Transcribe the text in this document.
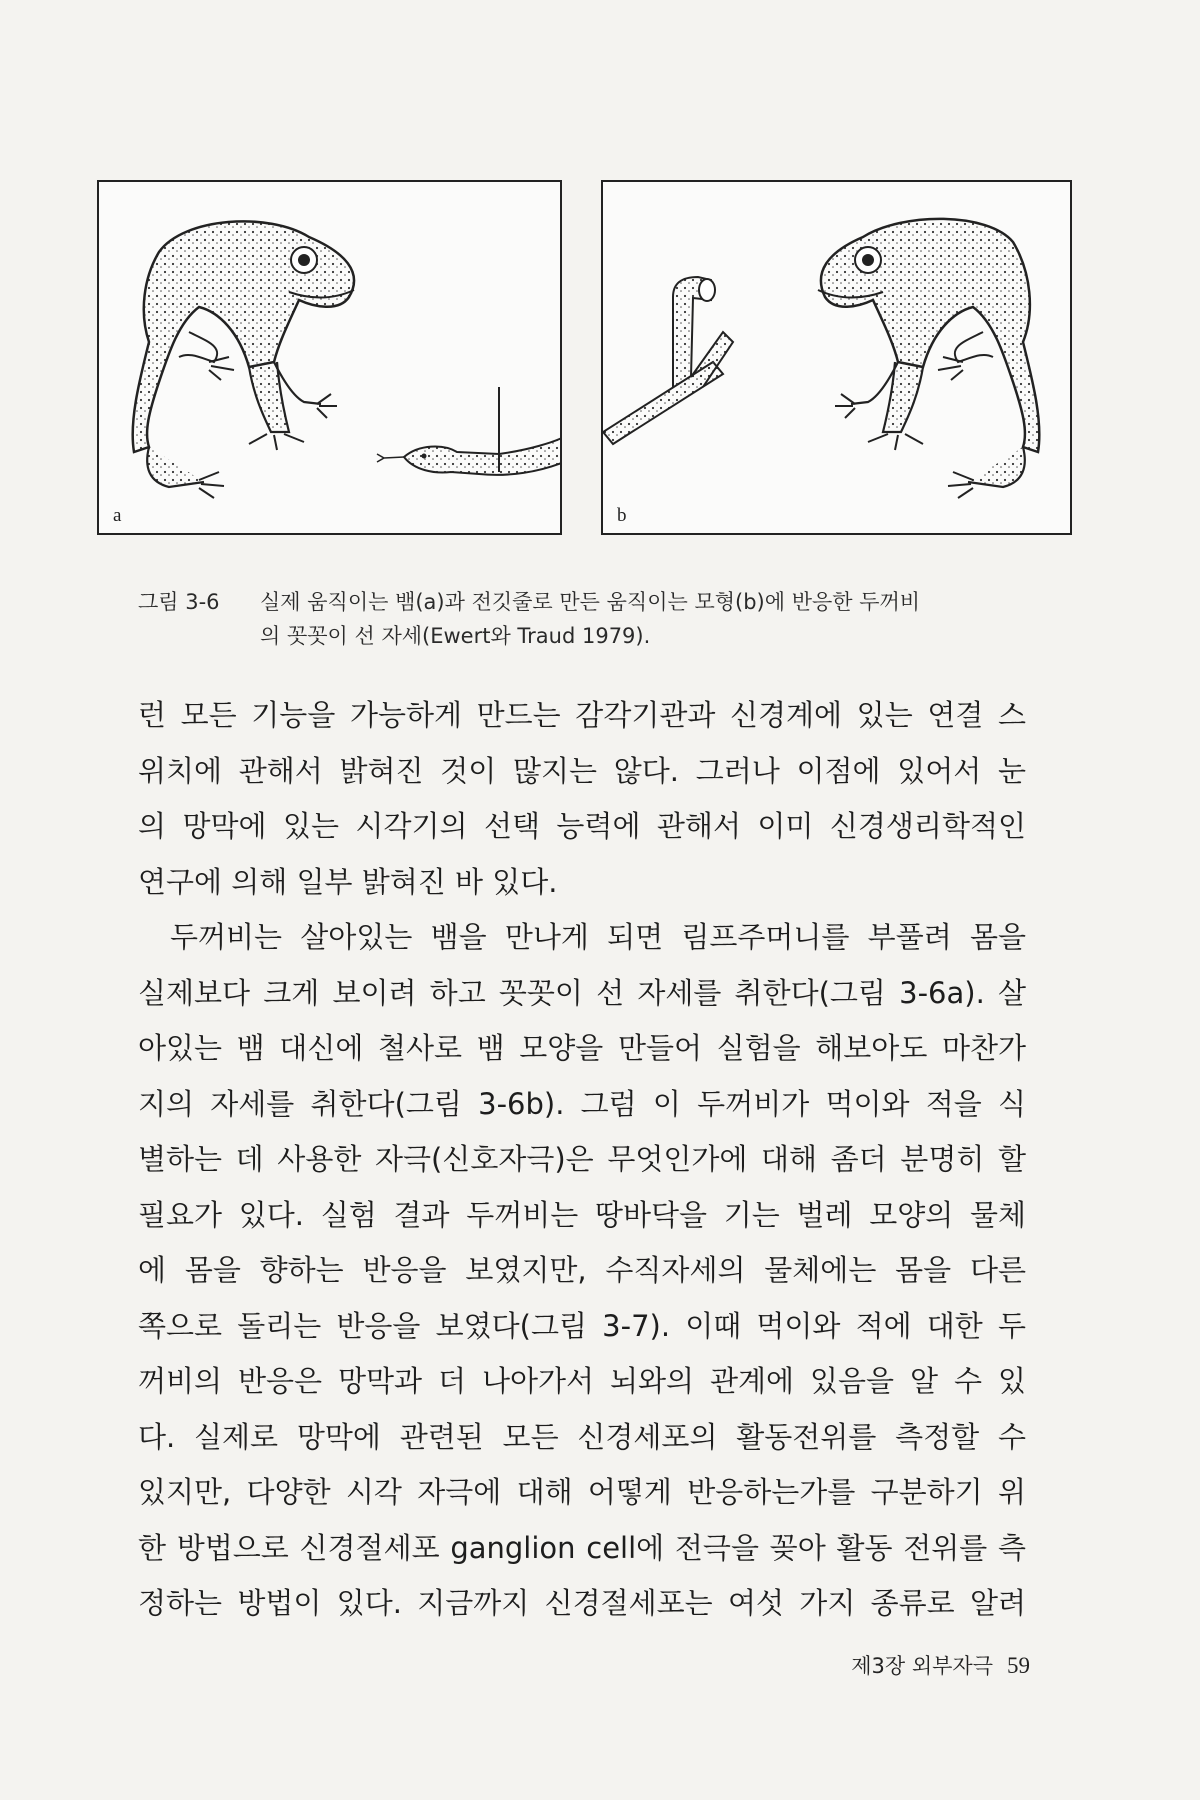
a	b
그림 3-6 실제 움직이는 뱀(a)과 전깃줄로 만든 움직이는 모형(b)에 반응한 두꺼비
의 꼿꼿이 선 자세(Ewert와 Traud 1979).
런 모든 기능을 가능하게 만드는 감각기관과 신경계에 있는 연결 스
위치에 관해서 밝혀진 것이 많지는 않다. 그러나 이점에 있어서 눈
의 망막에 있는 시각기의 선택 능력에 관해서 이미 신경생리학적인
연구에 의해 일부 밝혀진 바 있다.
두꺼비는 살아있는 뱀을 만나게 되면 림프주머니를 부풀려 몸을
실제보다 크게 보이려 하고 꼿꼿이 선 자세를 취한다(그림 3-6a). 살
아있는 뱀 대신에 철사로 뱀 모양을 만들어 실험을 해보아도 마찬가
지의 자세를 취한다(그림 3-6b). 그럼 이 두꺼비가 먹이와 적을 식
별하는 데 사용한 자극(신호자극)은 무엇인가에 대해 좀더 분명히 할
필요가 있다. 실험 결과 두꺼비는 땅바닥을 기는 벌레 모양의 물체
에 몸을 향하는 반응을 보였지만, 수직자세의 물체에는 몸을 다른
쪽으로 돌리는 반응을 보였다(그림 3-7). 이때 먹이와 적에 대한 두
꺼비의 반응은 망막과 더 나아가서 뇌와의 관계에 있음을 알 수 있
다. 실제로 망막에 관련된 모든 신경세포의 활동전위를 측정할 수
있지만, 다양한 시각 자극에 대해 어떻게 반응하는가를 구분하기 위
한 방법으로 신경절세포 ganglion cell에 전극을 꽂아 활동 전위를 측
정하는 방법이 있다. 지금까지 신경절세포는 여섯 가지 종류로 알려
제3장 외부자극 59
